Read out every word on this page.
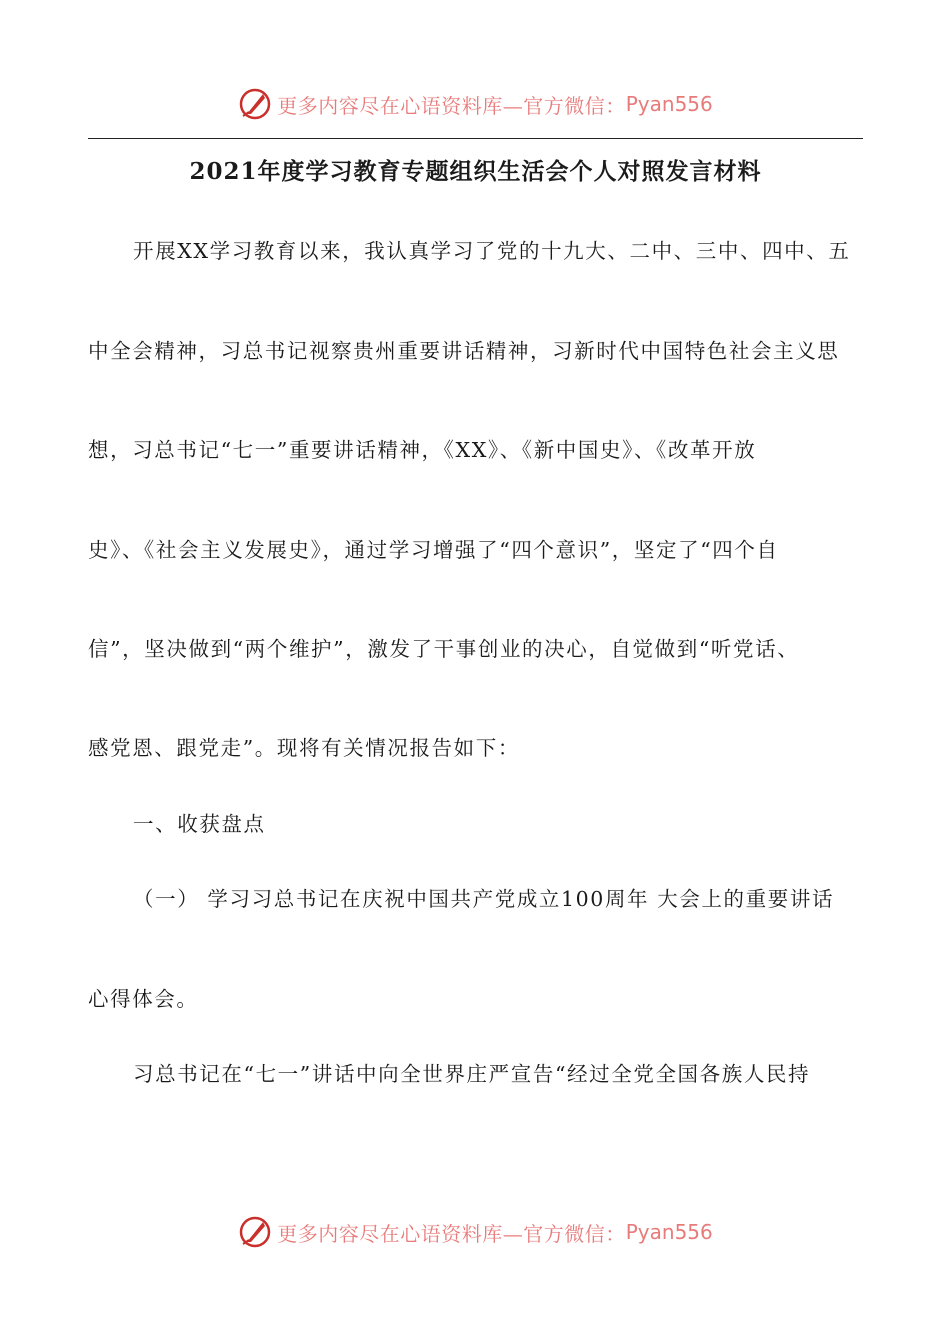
更多内容尽在心语资料库—官方微信： Pyan556
2021年度学习教育专题组织生活会个人对照发言材料
开展XX学习教育以来，我认真学习了党的十九大、二中、三中、四中、五
中全会精神，习总书记视察贵州重要讲话精神，习新时代中国特色社会主义思
想，习总书记“七一”重要讲话精神，《XX》、《新中国史》、《改革开放
史》、《社会主义发展史》，通过学习增强了“四个意识”，坚定了“四个自
信”，坚决做到“两个维护”，激发了干事创业的决心，自觉做到“听党话、
感党恩、跟党走”。现将有关情况报告如下：
一、收获盘点
（一） 学习习总书记在庆祝中国共产党成立100周年 大会上的重要讲话
心得体会。
习总书记在“七一”讲话中向全世界庄严宣告“经过全党全国各族人民持
更多内容尽在心语资料库—官方微信： Pyan556
